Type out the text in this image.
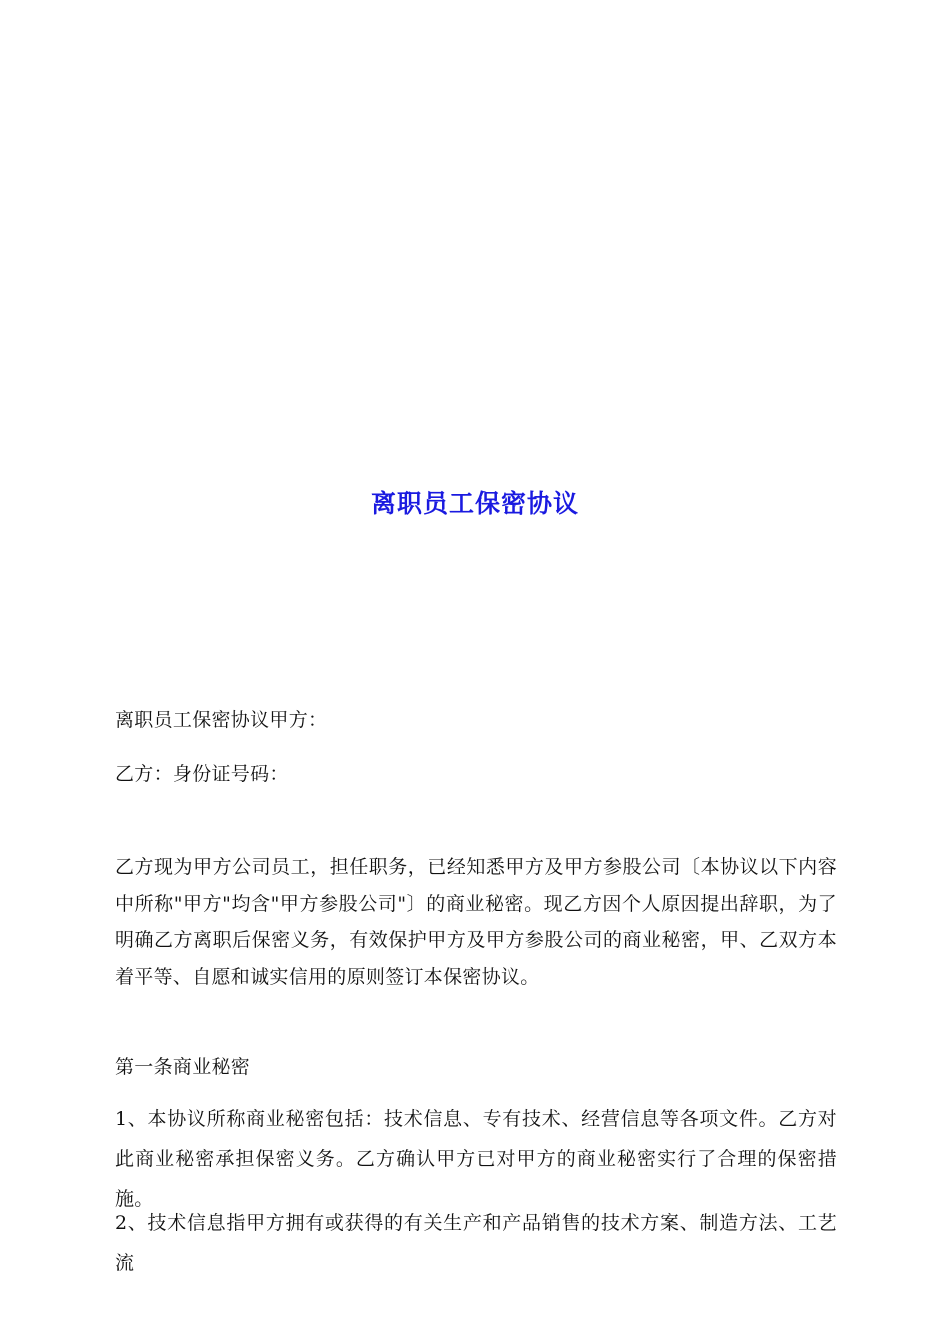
离职员工保密协议

离职员工保密协议甲方：

乙方：身份证号码：

乙方现为甲方公司员工，担任职务，已经知悉甲方及甲方参股公司〔本协议以下内容中所称"甲方"均含"甲方参股公司"〕的商业秘密。现乙方因个人原因提出辞职，为了明确乙方离职后保密义务，有效保护甲方及甲方参股公司的商业秘密，甲、乙双方本着平等、自愿和诚实信用的原则签订本保密协议。

第一条商业秘密

1、本协议所称商业秘密包括：技术信息、专有技术、经营信息等各项文件。乙方对此商业秘密承担保密义务。乙方确认甲方已对甲方的商业秘密实行了合理的保密措施。

2、技术信息指甲方拥有或获得的有关生产和产品销售的技术方案、制造方法、工艺流
